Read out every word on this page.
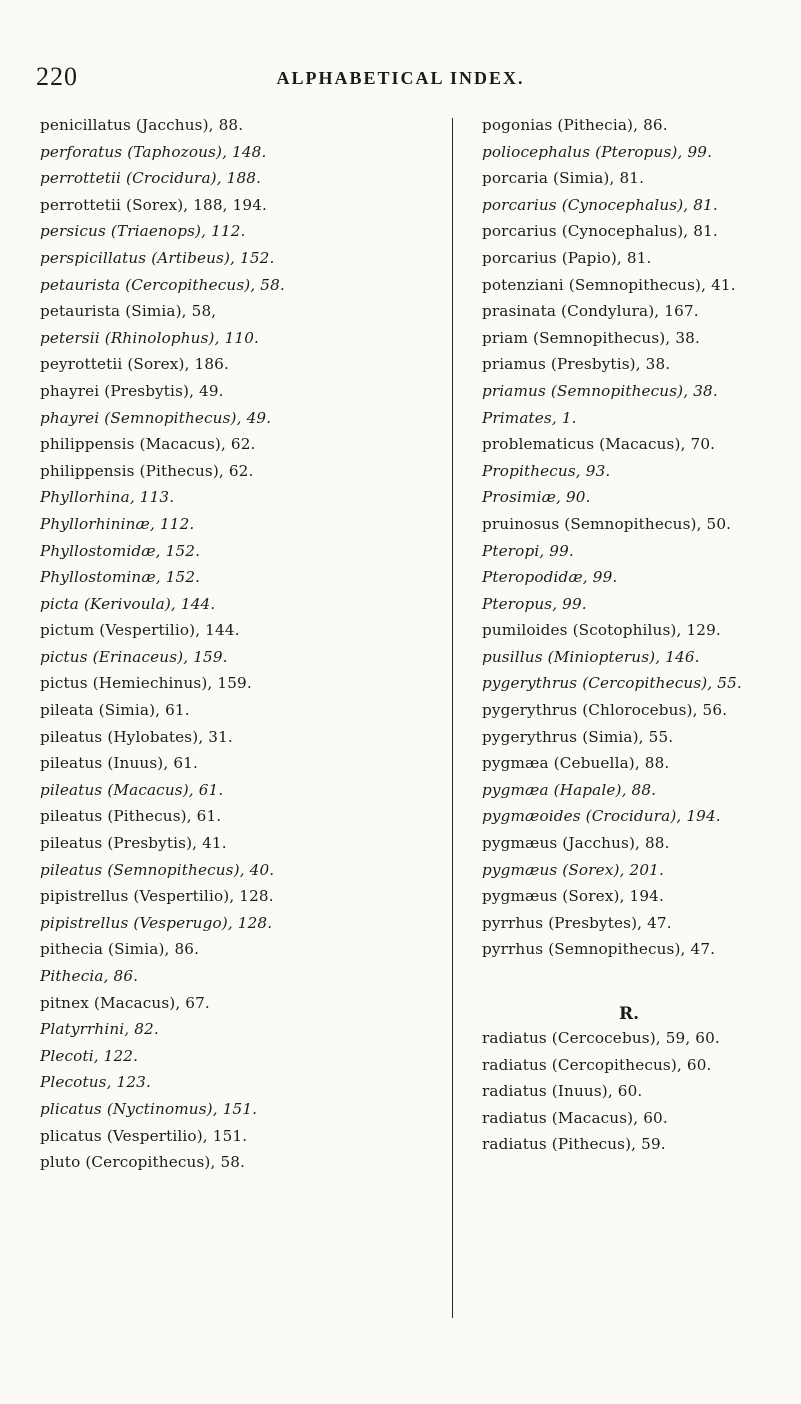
220	ALPHABETICAL INDEX.
penicillatus (Jacchus), 88.
perforatus (Taphozous), 148.
perrottetii (Crocidura), 188.
perrottetii (Sorex), 188, 194.
persicus (Triaenops), 112.
perspicillatus (Artibeus), 152.
petaurista (Cercopithecus), 58.
petaurista (Simia), 58,
petersii (Rhinolophus), 110.
peyrottetii (Sorex), 186.
phayrei (Presbytis), 49.
phayrei (Semnopithecus), 49.
philippensis (Macacus), 62.
philippensis (Pithecus), 62.
Phyllorhina, 113.
Phyllorhininæ, 112.
Phyllostomidæ, 152.
Phyllostominæ, 152.
picta (Kerivoula), 144.
pictum (Vespertilio), 144.
pictus (Erinaceus), 159.
pictus (Hemiechinus), 159.
pileata (Simia), 61.
pileatus (Hylobates), 31.
pileatus (Inuus), 61.
pileatus (Macacus), 61.
pileatus (Pithecus), 61.
pileatus (Presbytis), 41.
pileatus (Semnopithecus), 40.
pipistrellus (Vespertilio), 128.
pipistrellus (Vesperugo), 128.
pithecia (Simia), 86.
Pithecia, 86.
pitnex (Macacus), 67.
Platyrrhini, 82.
Plecoti, 122.
Plecotus, 123.
plicatus (Nyctinomus), 151.
plicatus (Vespertilio), 151.
pluto (Cercopithecus), 58.
pogonias (Pithecia), 86.
poliocephalus (Pteropus), 99.
porcaria (Simia), 81.
porcarius (Cynocephalus), 81.
porcarius (Cynocephalus), 81.
porcarius (Papio), 81.
potenziani (Semnopithecus), 41.
prasinata (Condylura), 167.
priam (Semnopithecus), 38.
priamus (Presbytis), 38.
priamus (Semnopithecus), 38.
Primates, 1.
problematicus (Macacus), 70.
Propithecus, 93.
Prosimiæ, 90.
pruinosus (Semnopithecus), 50.
Pteropi, 99.
Pteropodidæ, 99.
Pteropus, 99.
pumiloides (Scotophilus), 129.
pusillus (Miniopterus), 146.
pygerythrus (Cercopithecus), 55.
pygerythrus (Chlorocebus), 56.
pygerythrus (Simia), 55.
pygmæa (Cebuella), 88.
pygmæa (Hapale), 88.
pygmæoides (Crocidura), 194.
pygmæus (Jacchus), 88.
pygmæus (Sorex), 201.
pygmæus (Sorex), 194.
pyrrhus (Presbytes), 47.
pyrrhus (Semnopithecus), 47.
R.
radiatus (Cercocebus), 59, 60.
radiatus (Cercopithecus), 60.
radiatus (Inuus), 60.
radiatus (Macacus), 60.
radiatus (Pithecus), 59.
